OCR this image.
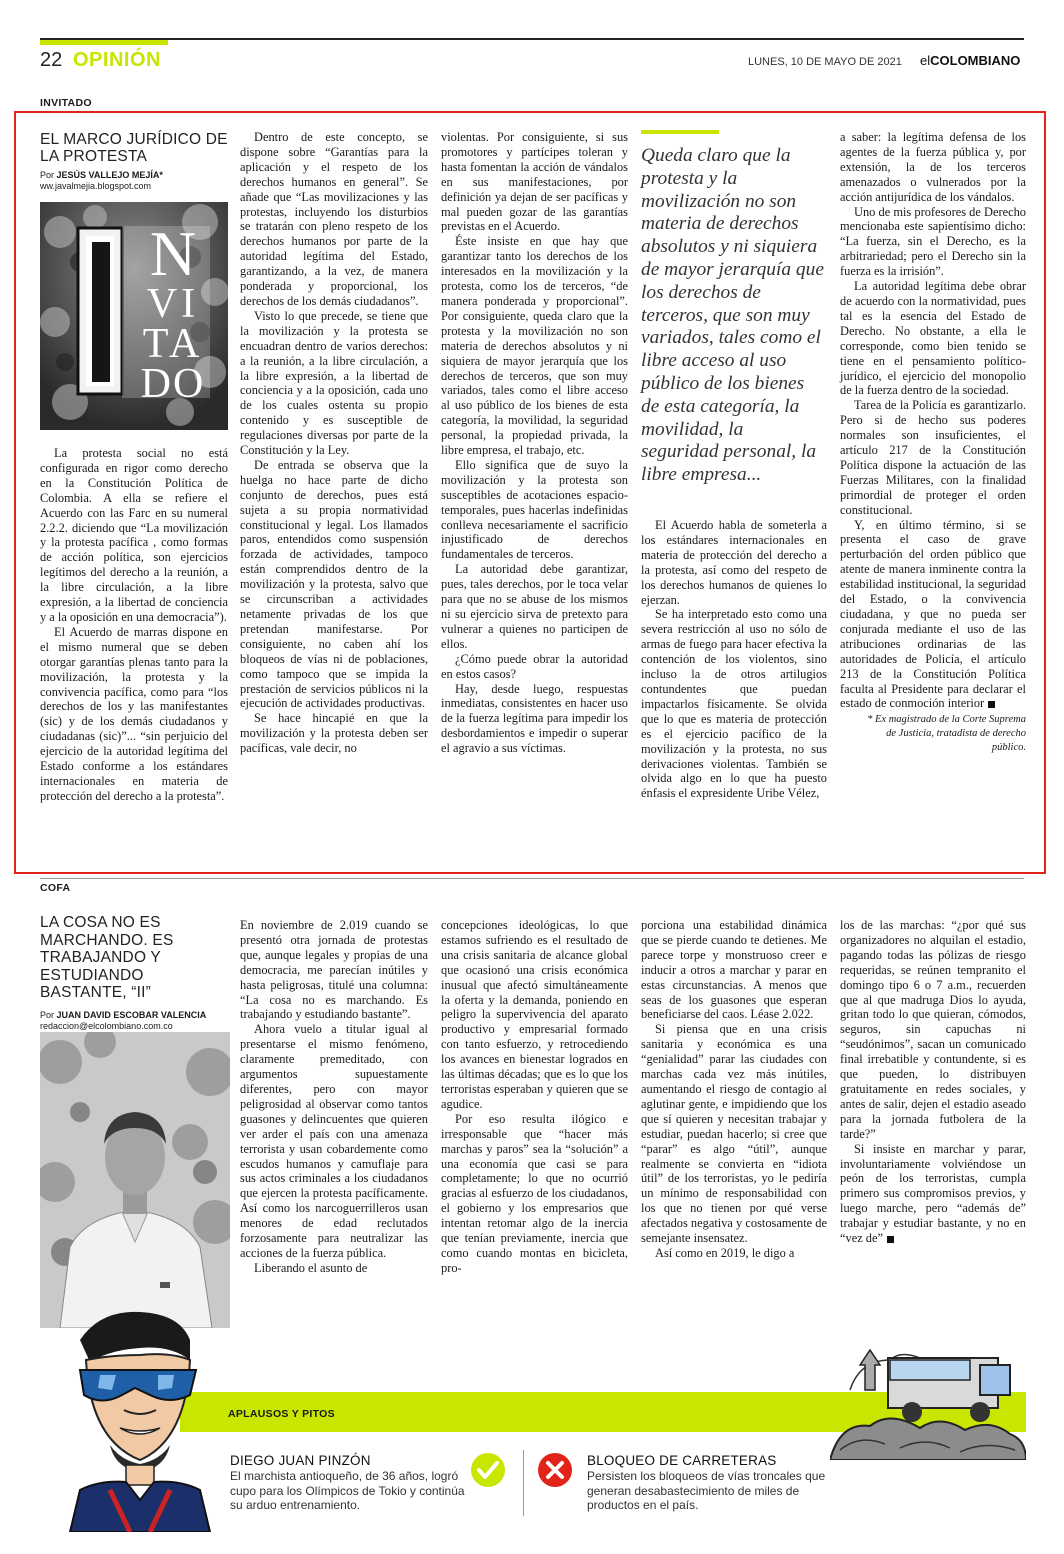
22 OPINIÓN	LUNES, 10 DE MAYO DE 2021 elCOLOMBIANO
INVITADO
EL MARCO JURÍDICO DE LA PROTESTA

Por JESÚS VALLEJO MEJÍA*

ww.javalmejia.blogspot.com

N
VI
TA
DO

La protesta social no está configurada en rigor como derecho en la Constitución Política de Colombia. A ella se refiere el Acuerdo con las Farc en su numeral 2.2.2. diciendo que “La movilización y la protesta pacífica , como formas de acción política, son ejercicios legítimos del derecho a la reunión, a la libre circulación, a la libre expresión, a la libertad de conciencia y a la oposición en una democracia”).

El Acuerdo de marras dispone en el mismo numeral que se deben otorgar garantías plenas tanto para la movilización, la protesta y la convivencia pacífica, como para “los derechos de los y las manifestantes (sic) y de los demás ciudadanos y ciudadanas (sic)”... “sin perjuicio del ejercicio de la autoridad legítima del Estado conforme a los estándares internacionales en materia de protección del derecho a la protesta”.

Dentro de este concepto, se dispone sobre “Garantías para la aplicación y el respeto de los derechos humanos en general”. Se añade que “Las movilizaciones y las protestas, incluyendo los disturbios se tratarán con pleno respeto de los derechos humanos por parte de la autoridad legítima del Estado, garantizando, a la vez, de manera ponderada y proporcional, los derechos de los demás ciudadanos”.

Visto lo que precede, se tiene que la movilización y la protesta se encuadran dentro de varios derechos: a la reunión, a la libre circulación, a la libre expresión, a la libertad de conciencia y a la oposición, cada uno de los cuales ostenta su propio contenido y es susceptible de regulaciones diversas por parte de la Constitución y la Ley.

De entrada se observa que la huelga no hace parte de dicho conjunto de derechos, pues está sujeta a su propia normatividad constitucional y legal. Los llamados paros, entendidos como suspensión forzada de actividades, tampoco están comprendidos dentro de la movilización y la protesta, salvo que se circunscriban a actividades netamente privadas de los que pretendan manifestarse. Por consiguiente, no caben ahí los bloqueos de vías ni de poblaciones, como tampoco que se impida la prestación de servicios públicos ni la ejecución de actividades productivas.

Se hace hincapié en que la movilización y la protesta deben ser pacíficas, vale decir, no

violentas. Por consiguiente, si sus promotores y partícipes toleran y hasta fomentan la acción de vándalos en sus manifestaciones, por definición ya dejan de ser pacíficas y mal pueden gozar de las garantías previstas en el Acuerdo.

Éste insiste en que hay que garantizar tanto los derechos de los interesados en la movilización y la protesta, como los de terceros, “de manera ponderada y proporcional”. Por consiguiente, queda claro que la protesta y la movilización no son materia de derechos absolutos y ni siquiera de mayor jerarquía que los derechos de terceros, que son muy variados, tales como el libre acceso al uso público de los bienes de esta categoría, la movilidad, la seguridad personal, la propiedad privada, la libre empresa, el trabajo, etc.

Ello significa que de suyo la movilización y la protesta son susceptibles de acotaciones espacio-temporales, pues hacerlas indefinidas conlleva necesariamente el sacrificio injustificado de derechos fundamentales de terceros.

La autoridad debe garantizar, pues, tales derechos, por le toca velar para que no se abuse de los mismos ni su ejercicio sirva de pretexto para vulnerar a quienes no participen de ellos.

¿Cómo puede obrar la autoridad en estos casos?

Hay, desde luego, respuestas inmediatas, consistentes en hacer uso de la fuerza legítima para impedir los desbordamientos e impedir o superar el agravio a sus víctimas.

Queda claro que la protesta y la movilización no son materia de derechos absolutos y ni siquiera de mayor jerarquía que los derechos de terceros, que son muy variados, tales como el libre acceso al uso público de los bienes de esta categoría, la movilidad, la seguridad personal, la libre empresa...

El Acuerdo habla de someterla a los estándares internacionales en materia de protección del derecho a la protesta, así como del respeto de los derechos humanos de quienes lo ejerzan.

Se ha interpretado esto como una severa restricción al uso no sólo de armas de fuego para hacer efectiva la contención de los violentos, sino incluso la de otros artilugios contundentes que puedan impactarlos físicamente. Se olvida que lo que es materia de protección es el ejercicio pacífico de la movilización y la protesta, no sus derivaciones violentas. También se olvida algo en lo que ha puesto énfasis el expresidente Uribe Vélez,

a saber: la legítima defensa de los agentes de la fuerza pública y, por extensión, la de los terceros amenazados o vulnerados por la acción antijurídica de los vándalos.

Uno de mis profesores de Derecho mencionaba este sapientísimo dicho: “La fuerza, sin el Derecho, es la arbitrariedad; pero el Derecho sin la fuerza es la irrisión”.

La autoridad legítima debe obrar de acuerdo con la normatividad, pues tal es la esencia del Estado de Derecho. No obstante, a ella le corresponde, como bien tenido se tiene en el pensamiento político-jurídico, el ejercicio del monopolio de la fuerza dentro de la sociedad.

Tarea de la Policía es garantizarlo. Pero si de hecho sus poderes normales son insuficientes, el artículo 217 de la Constitución Política dispone la actuación de las Fuerzas Militares, con la finalidad primordial de proteger el orden constitucional.

Y, en último término, si se presenta el caso de grave perturbación del orden público que atente de manera inminente contra la estabilidad institucional, la seguridad del Estado, o la convivencia ciudadana, y que no pueda ser conjurada mediante el uso de las atribuciones ordinarias de las autoridades de Policía, el artículo 213 de la Constitución Política faculta al Presidente para declarar el estado de conmoción interior

* Ex magistrado de la Corte Suprema de Justicia, tratadista de derecho público.

COFA
LA COSA NO ES MARCHANDO. ES TRABAJANDO Y ESTUDIANDO BASTANTE, “II”

Por JUAN DAVID ESCOBAR VALENCIA

redaccion@elcolombiano.com.co

En noviembre de 2.019 cuando se presentó otra jornada de protestas que, aunque legales y propias de una democracia, me parecían inútiles y hasta peligrosas, titulé una columna: “La cosa no es marchando. Es trabajando y estudiando bastante”.

Ahora vuelo a titular igual al presentarse el mismo fenómeno, claramente premeditado, con argumentos supuestamente diferentes, pero con mayor peligrosidad al observar como tantos guasones y delincuentes que quieren ver arder el país con una amenaza terrorista y usan cobardemente como escudos humanos y camuflaje para sus actos criminales a los ciudadanos que ejercen la protesta pacíficamente. Así como los narcoguerrilleros usan menores de edad reclutados forzosamente para neutralizar las acciones de la fuerza pública.

Liberando el asunto de

concepciones ideológicas, lo que estamos sufriendo es el resultado de una crisis sanitaria de alcance global que ocasionó una crisis económica inusual que afectó simultáneamente la oferta y la demanda, poniendo en peligro la supervivencia del aparato productivo y empresarial formado con tanto esfuerzo, y retrocediendo los avances en bienestar logrados en las últimas décadas; que es lo que los terroristas esperaban y quieren que se agudice.

Por eso resulta ilógico e irresponsable que “hacer más marchas y paros” sea la “solución” a una economía que casi se para completamente; lo que no ocurrió gracias al esfuerzo de los ciudadanos, el gobierno y los empresarios que intentan retomar algo de la inercia que tenían previamente, inercia que como cuando montas en bicicleta, pro-

porciona una estabilidad dinámica que se pierde cuando te detienes. Me parece torpe y monstruoso creer e inducir a otros a marchar y parar en estas circunstancias. A menos que seas de los guasones que esperan beneficiarse del caos. Léase 2.022.

Si piensa que en una crisis sanitaria y económica es una “genialidad” parar las ciudades con marchas cada vez más inútiles, aumentando el riesgo de contagio al aglutinar gente, e impidiendo que los que sí quieren y necesitan trabajar y estudiar, puedan hacerlo; si cree que “parar” es algo “útil”, aunque realmente se convierta en “idiota útil” de los terroristas, yo le pediría un mínimo de responsabilidad con los que no tienen por qué verse afectados negativa y costosamente de semejante insensatez.

Así como en 2019, le digo a

los de las marchas: “¿por qué sus organizadores no alquilan el estadio, pagando todas las pólizas de riesgo requeridas, se reúnen tempranito el domingo tipo 6 o 7 a.m., recuerden que al que madruga Dios lo ayuda, gritan todo lo que quieran, cómodos, seguros, sin capuchas ni “seudónimos”, sacan un comunicado final irrebatible y contundente, si es que pueden, lo distribuyen gratuitamente en redes sociales, y antes de salir, dejen el estadio aseado para la jornada futbolera de la tarde?”

Si insiste en marchar y parar, involuntariamente volviéndose un peón de los terroristas, cumpla primero sus compromisos previos, y luego marche, pero “además de” trabajar y estudiar bastante, y no en “vez de”

APLAUSOS Y PITOS
DIEGO JUAN PINZÓN
El marchista antioqueño, de 36 años, logró cupo para los Olímpicos de Tokio y continúa su arduo entrenamiento.
BLOQUEO DE CARRETERAS
Persisten los bloqueos de vías troncales que generan desabastecimiento de miles de productos en el país.
